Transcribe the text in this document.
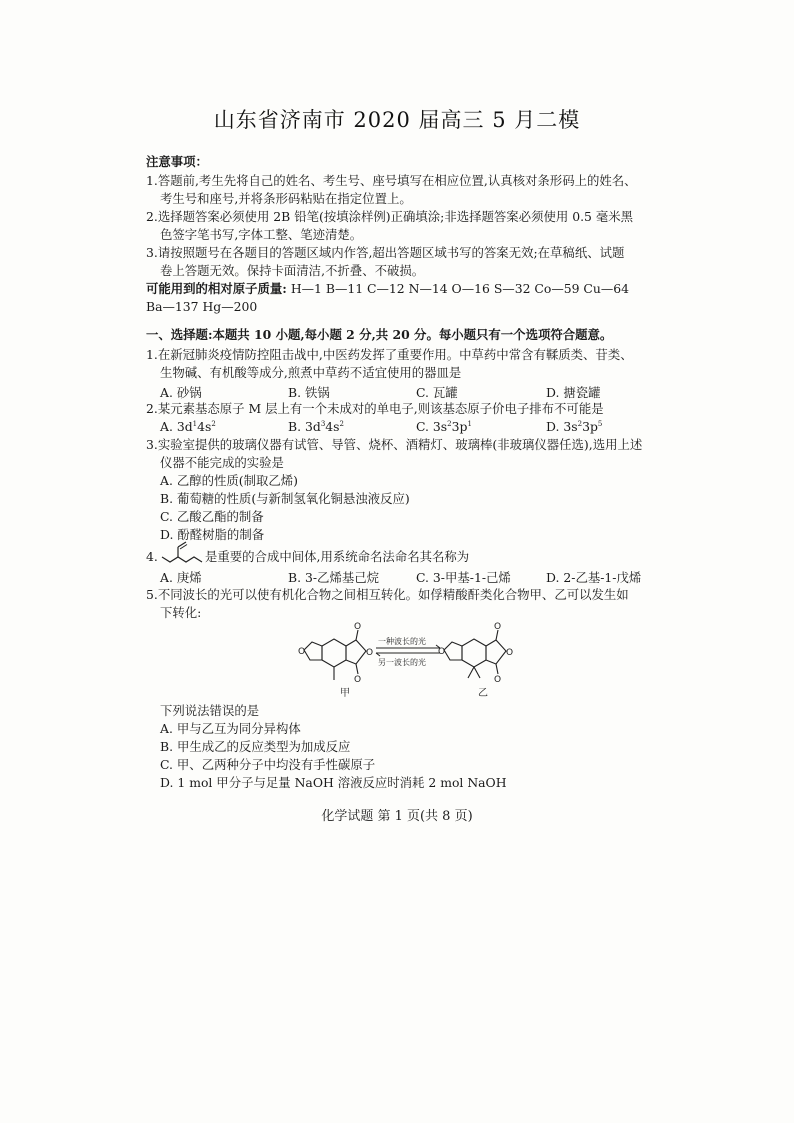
山东省济南市 2020 届高三 5 月二模
注意事项：
1.答题前,考生先将自己的姓名、考生号、座号填写在相应位置,认真核对条形码上的姓名、
考生号和座号,并将条形码粘贴在指定位置上。
2.选择题答案必须使用 2B 铅笔(按填涂样例)正确填涂;非选择题答案必须使用 0.5 毫米黑
色签字笔书写,字体工整、笔迹清楚。
3.请按照题号在各题目的答题区域内作答,超出答题区域书写的答案无效;在草稿纸、试题
卷上答题无效。保持卡面清洁,不折叠、不破损。
可能用到的相对原子质量: H—1 B—11 C—12 N—14 O—16 S—32 Co—59 Cu—64
Ba—137 Hg—200
一、选择题:本题共 10 小题,每小题 2 分,共 20 分。每小题只有一个选项符合题意。
1.在新冠肺炎疫情防控阻击战中,中医药发挥了重要作用。中草药中常含有鞣质类、苷类、
生物碱、有机酸等成分,煎煮中草药不适宜使用的器皿是
A. 砂锅	B. 铁锅	C. 瓦罐	D. 搪瓷罐
2.某元素基态原子 M 层上有一个未成对的单电子,则该基态原子价电子排布不可能是
A. $3d^14s^2$	B. $3d^34s^2$	C. $3s^23p^1$	D. $3s^23p^5$
3.实验室提供的玻璃仪器有试管、导管、烧杯、酒精灯、玻璃棒(非玻璃仪器任选),选用上述
仪器不能完成的实验是
A. 乙醇的性质(制取乙烯)
B. 葡萄糖的性质(与新制氢氧化铜悬浊液反应)
C. 乙酸乙酯的制备
D. 酚醛树脂的制备
4.	是重要的合成中间体,用系统命名法命名其名称为
A. 庚烯	B. 3-乙烯基己烷	C. 3-甲基-1-己烯	D. 2-乙基-1-戊烯
5.不同波长的光可以使有机化合物之间相互转化。如俘精酸酐类化合物甲、乙可以发生如
下转化:
O
O
O
O
一种波长的光
另一波长的光
O
O
O
O
甲	乙
下列说法错误的是
A. 甲与乙互为同分异构体
B. 甲生成乙的反应类型为加成反应
C. 甲、乙两种分子中均没有手性碳原子
D. 1 mol 甲分子与足量 NaOH 溶液反应时消耗 2 mol NaOH
化学试题 第 1 页(共 8 页)
